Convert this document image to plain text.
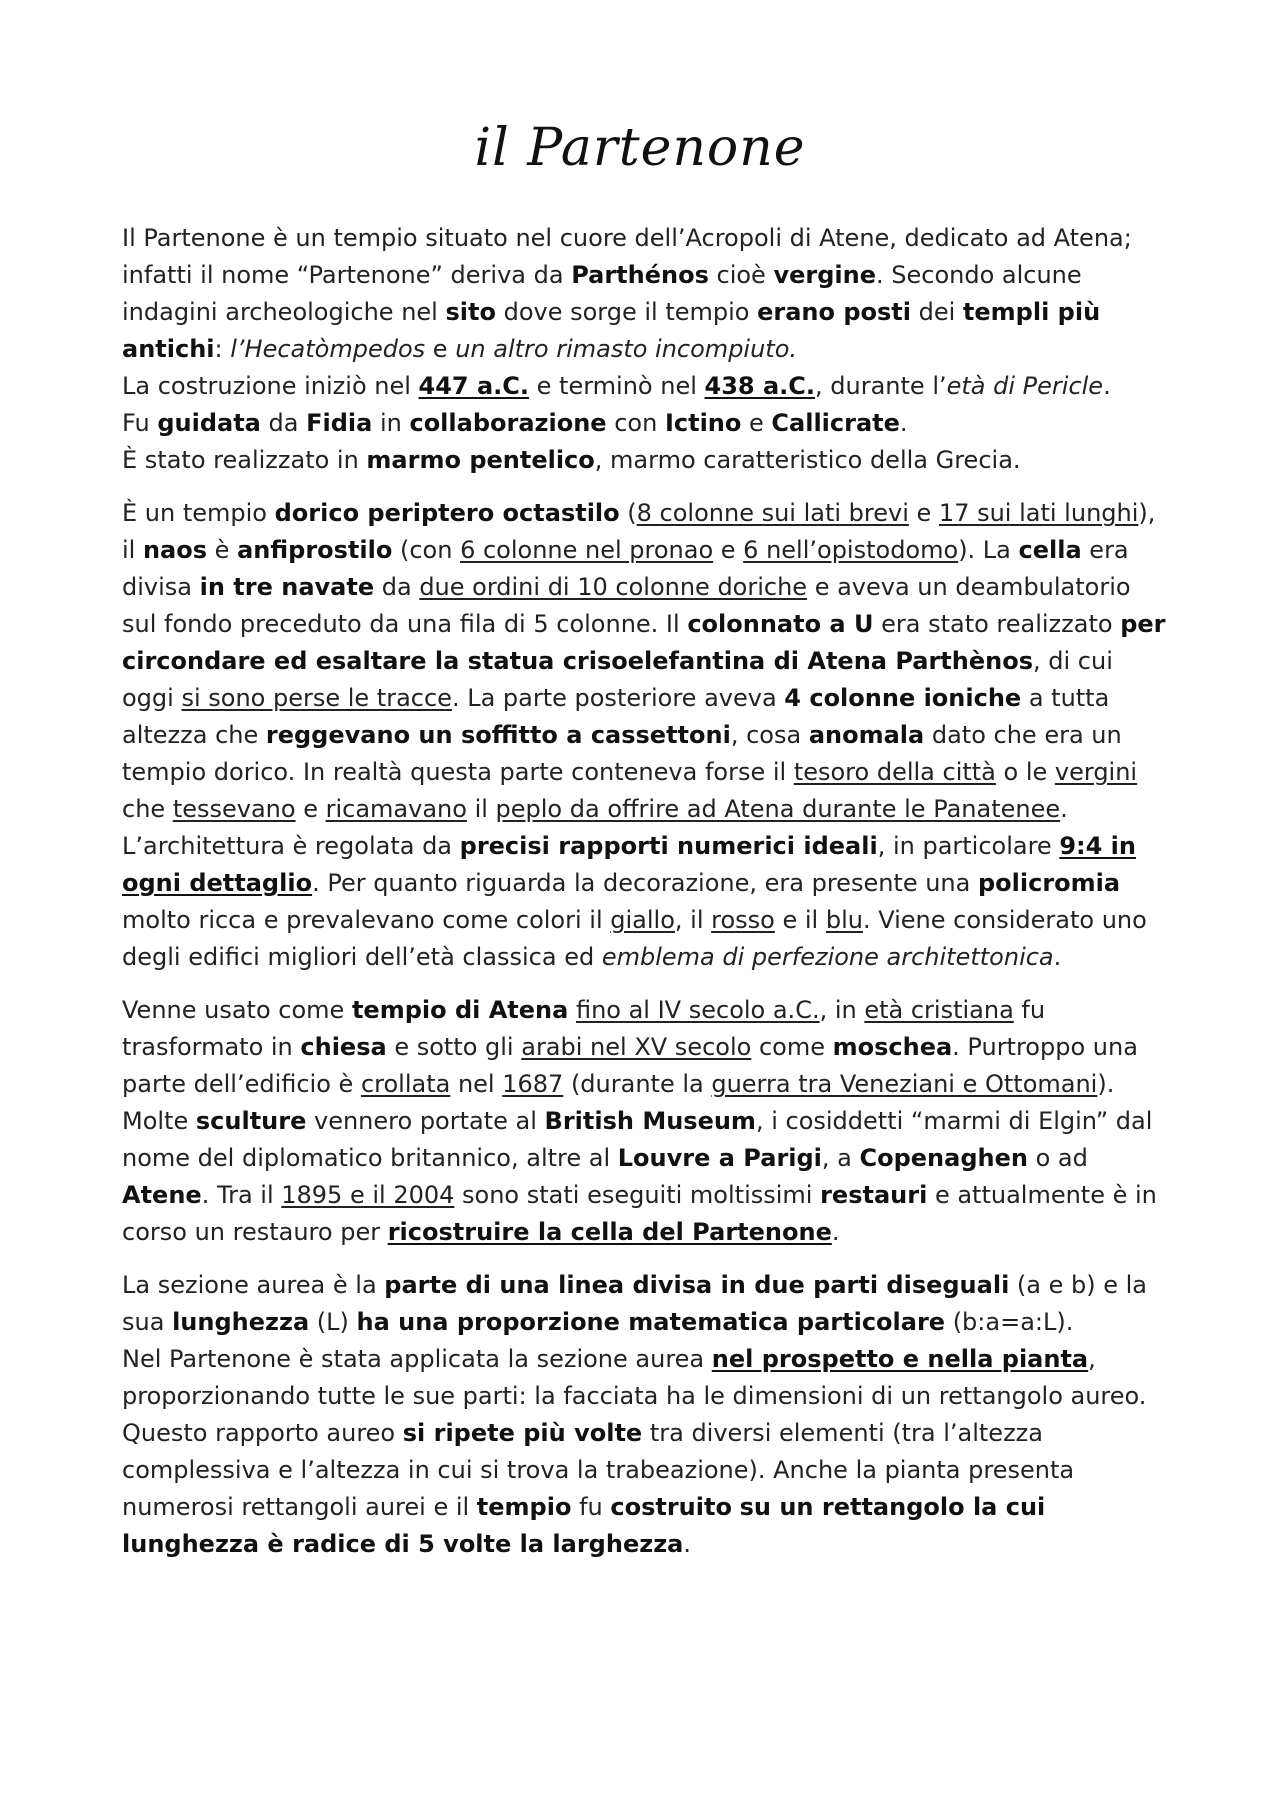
il Partenone

Il Partenone è un tempio situato nel cuore dell’Acropoli di Atene, dedicato ad Atena; infatti il nome “Partenone” deriva da Parthénos cioè vergine. Secondo alcune indagini archeologiche nel sito dove sorge il tempio erano posti dei templi più antichi: l’Hecatòmpedos e un altro rimasto incompiuto.
La costruzione iniziò nel 447 a.C. e terminò nel 438 a.C., durante l’età di Pericle.
Fu guidata da Fidia in collaborazione con Ictino e Callicrate.
È stato realizzato in marmo pentelico, marmo caratteristico della Grecia.

È un tempio dorico periptero octastilo (8 colonne sui lati brevi e 17 sui lati lunghi), il naos è anfiprostilo (con 6 colonne nel pronao e 6 nell’opistodomo). La cella era divisa in tre navate da due ordini di 10 colonne doriche e aveva un deambulatorio sul fondo preceduto da una fila di 5 colonne. Il colonnato a U era stato realizzato per circondare ed esaltare la statua crisoelefantina di Atena Parthènos, di cui oggi si sono perse le tracce. La parte posteriore aveva 4 colonne ioniche a tutta altezza che reggevano un soffitto a cassettoni, cosa anomala dato che era un tempio dorico. In realtà questa parte conteneva forse il tesoro della città o le vergini che tessevano e ricamavano il peplo da offrire ad Atena durante le Panatenee. L’architettura è regolata da precisi rapporti numerici ideali, in particolare 9:4 in ogni dettaglio. Per quanto riguarda la decorazione, era presente una policromia molto ricca e prevalevano come colori il giallo, il rosso e il blu. Viene considerato uno degli edifici migliori dell’età classica ed emblema di perfezione architettonica.

Venne usato come tempio di Atena fino al IV secolo a.C., in età cristiana fu trasformato in chiesa e sotto gli arabi nel XV secolo come moschea. Purtroppo una parte dell’edificio è crollata nel 1687 (durante la guerra tra Veneziani e Ottomani).
Molte sculture vennero portate al British Museum, i cosiddetti “marmi di Elgin” dal nome del diplomatico britannico, altre al Louvre a Parigi, a Copenaghen o ad Atene. Tra il 1895 e il 2004 sono stati eseguiti moltissimi restauri e attualmente è in corso un restauro per ricostruire la cella del Partenone.

La sezione aurea è la parte di una linea divisa in due parti diseguali (a e b) e la sua lunghezza (L) ha una proporzione matematica particolare (b:a=a:L).
Nel Partenone è stata applicata la sezione aurea nel prospetto e nella pianta, proporzionando tutte le sue parti: la facciata ha le dimensioni di un rettangolo aureo. Questo rapporto aureo si ripete più volte tra diversi elementi (tra l’altezza complessiva e l’altezza in cui si trova la trabeazione). Anche la pianta presenta numerosi rettangoli aurei e il tempio fu costruito su un rettangolo la cui lunghezza è radice di 5 volte la larghezza.
